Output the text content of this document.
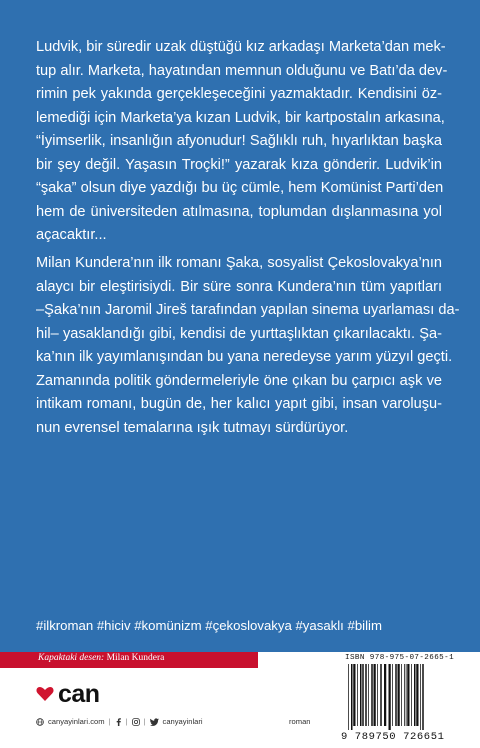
Ludvik, bir süredir uzak düştüğü kız arkadaşı Marketa’dan mek-
tup alır. Marketa, hayatından memnun olduğunu ve Batı’da dev-
rimin pek yakında gerçekleşeceğini yazmaktadır. Kendisini öz-
lemediği için Marketa’ya kızan Ludvik, bir kartpostalın arkasına,
“İyimserlik, insanlığın afyonudur! Sağlıklı ruh, hıyarlıktan başka
bir şey değil. Yaşasın Troçki!” yazarak kıza gönderir. Ludvik’in
“şaka” olsun diye yazdığı bu üç cümle, hem Komünist Parti’den
hem de üniversiteden atılmasına, toplumdan dışlanmasına yol
açacaktır...

Milan Kundera’nın ilk romanı Şaka, sosyalist Çekoslovakya’nın
alaycı bir eleştirisiydi. Bir süre sonra Kundera’nın tüm yapıtları
–Şaka’nın Jaromil Jireš tarafından yapılan sinema uyarlaması da-
hil– yasaklandığı gibi, kendisi de yurttaşlıktan çıkarılacaktı. Şa-
ka’nın ilk yayımlanışından bu yana neredeyse yarım yüzyıl geçti.
Zamanında politik göndermeleriyle öne çıkan bu çarpıcı aşk ve
intikam romanı, bugün de, her kalıcı yapıt gibi, insan varoluşu-
nun evrensel temalarına ışık tutmayı sürdürüyor.

#ilkroman #hiciv #komünizm #çekoslovakya #yasaklı #bilim
Kapaktaki desen: Milan Kundera
can
canyayinlari.com | | | canyayinlari	roman
ISBN 978-975-07-2665-1
9 789750 726651
